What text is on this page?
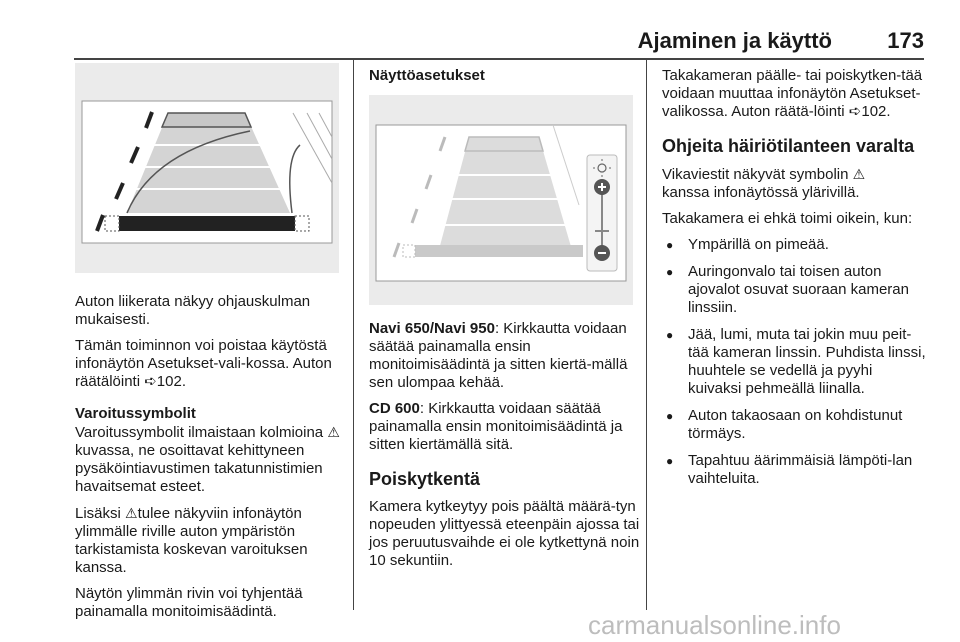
Ajaminen ja käyttö	173

Auton liikerata näkyy ohjauskulman mukaisesti.

Tämän toiminnon voi poistaa käytöstä infonäytön Asetukset-vali-kossa. Auton räätälöinti ➪102.

Varoitussymbolit

Varoitussymbolit ilmaistaan kolmioina ⚠kuvassa, ne osoittavat kehittyneen pysäköintiavustimen takatunnistimien havaitsemat esteet.

Lisäksi ⚠tulee näkyviin infonäytön ylimmälle riville auton ympäristön tarkistamista koskevan varoituksen kanssa.

Näytön ylimmän rivin voi tyhjentää painamalla monitoimisäädintä.

Näyttöasetukset

Navi 650/Navi 950: Kirkkautta voidaan säätää painamalla ensin monitoimisäädintä ja sitten kiertä-mällä sen ulompaa kehää.

CD 600: Kirkkautta voidaan säätää painamalla ensin monitoimisäädintä ja sitten kiertämällä sitä.

Poiskytkentä

Kamera kytkeytyy pois päältä määrä-tyn nopeuden ylittyessä eteenpäin ajossa tai jos peruutusvaihde ei ole kytkettynä noin 10 sekuntiin.

Takakameran päälle- tai poiskytken-tää voidaan muuttaa infonäytön Asetukset-valikossa. Auton räätä-löinti ➪102.

Ohjeita häiriötilanteen varalta

Vikaviestit näkyvät symbolin ⚠
kanssa infonäytössä ylärivillä.

Takakamera ei ehkä toimi oikein, kun:

● Ympärillä on pimeää.
● Auringonvalo tai toisen auton ajovalot osuvat suoraan kameran linssiin.
● Jää, lumi, muta tai jokin muu peit-tää kameran linssin. Puhdista linssi, huuhtele se vedellä ja pyyhi kuivaksi pehmeällä liinalla.
● Auton takaosaan on kohdistunut törmäys.
● Tapahtuu äärimmäisiä lämpöti-lan vaihteluita.
carmanualsonline.info
